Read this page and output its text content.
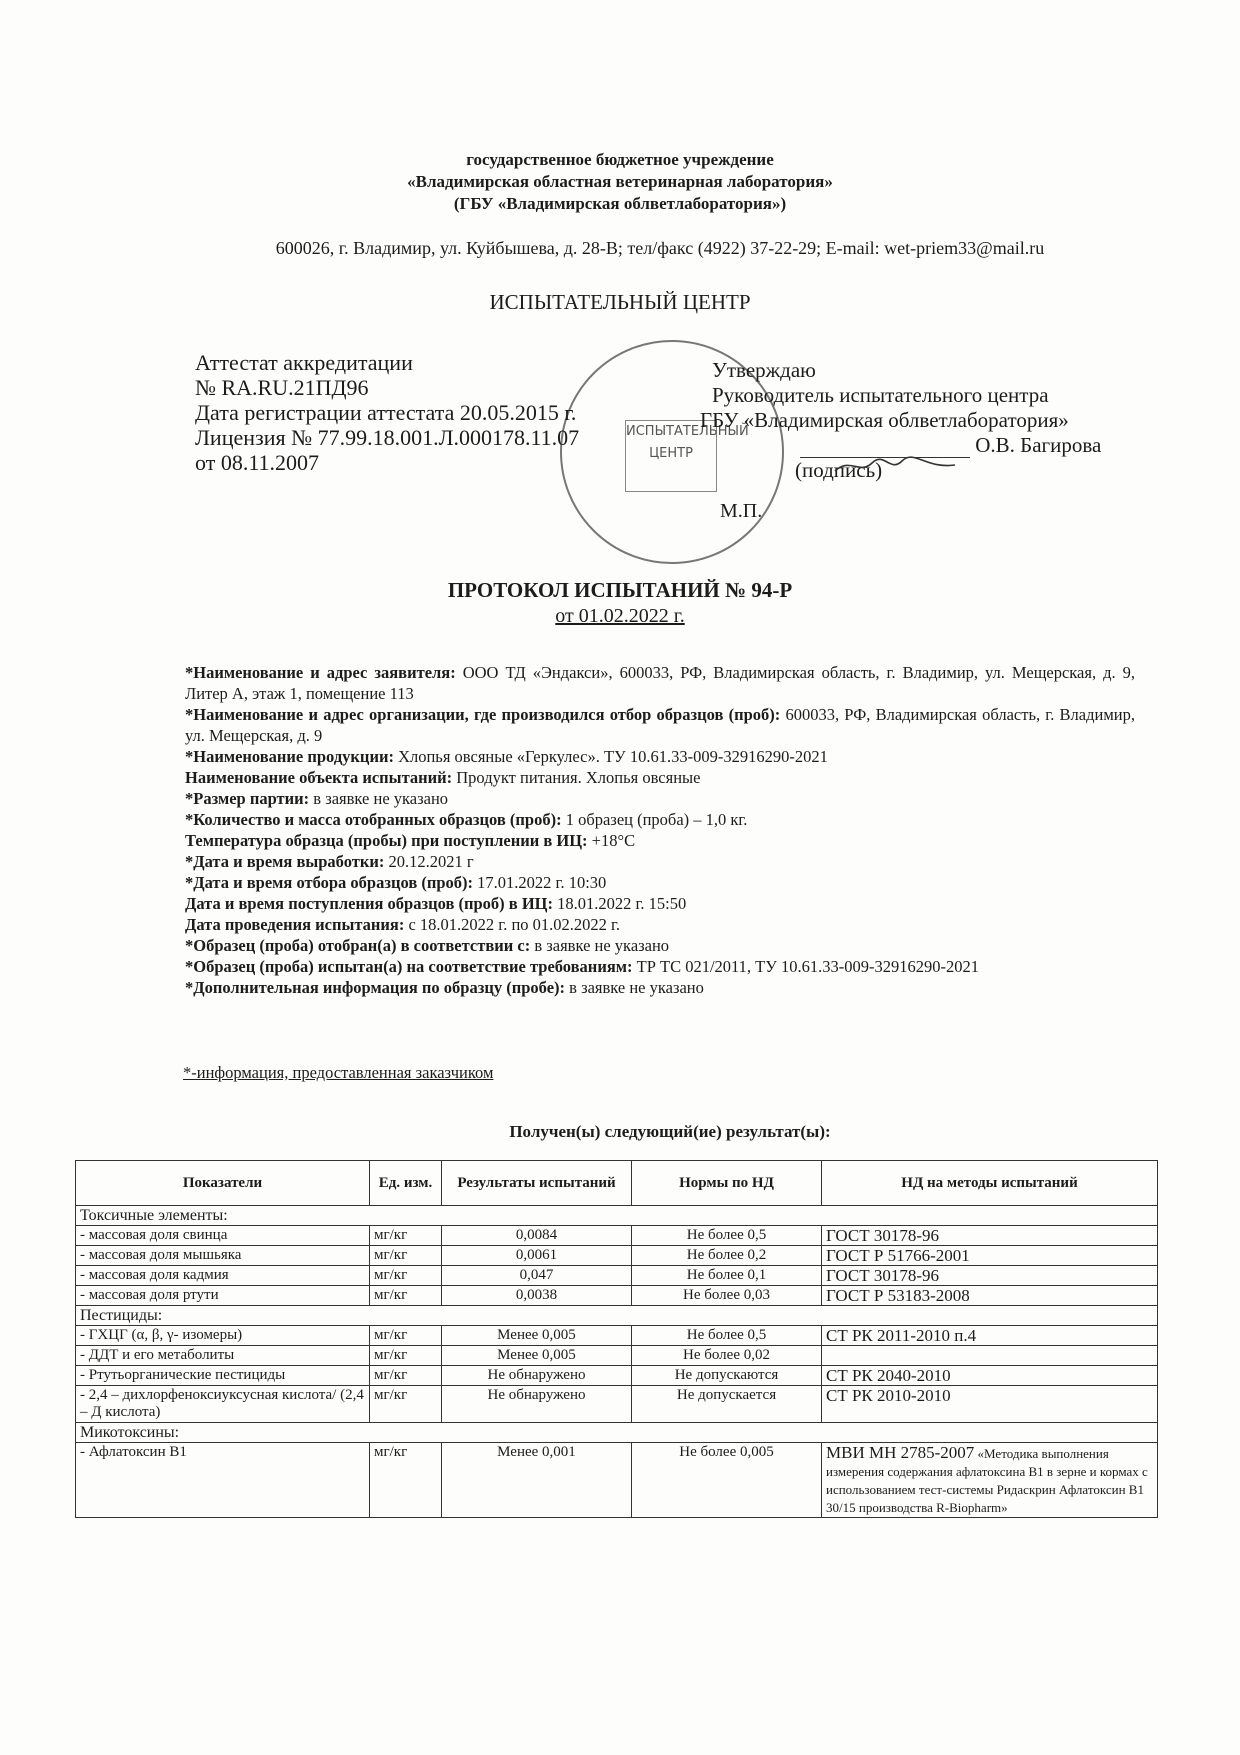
государственное бюджетное учреждение
«Владимирская областная ветеринарная лаборатория»
(ГБУ «Владимирская облветлаборатория»)
600026, г. Владимир, ул. Куйбышева, д. 28-В; тел/факс (4922) 37-22-29; E-mail: wet-priem33@mail.ru
ИСПЫТАТЕЛЬНЫЙ ЦЕНТР
ИСПЫТАТЕЛЬНЫЙ ЦЕНТР
Аттестат аккредитации
№ RA.RU.21ПД96
Дата регистрации аттестата 20.05.2015 г.
Лицензия № 77.99.18.001.Л.000178.11.07
от 08.11.2007
Утверждаю
Руководитель испытательного центра
ГБУ «Владимирская облветлаборатория»
О.В. Багирова
(подпись)
М.П.
ПРОТОКОЛ ИСПЫТАНИЙ № 94-Р
от 01.02.2022 г.

*Наименование и адрес заявителя: ООО ТД «Эндакси», 600033, РФ, Владимирская область, г. Владимир, ул. Мещерская, д. 9, Литер А, этаж 1, помещение 113

*Наименование и адрес организации, где производился отбор образцов (проб): 600033, РФ, Владимирская область, г. Владимир, ул. Мещерская, д. 9

*Наименование продукции: Хлопья овсяные «Геркулес». ТУ 10.61.33-009-32916290-2021

Наименование объекта испытаний: Продукт питания. Хлопья овсяные

*Размер партии: в заявке не указано

*Количество и масса отобранных образцов (проб): 1 образец (проба) – 1,0 кг.

Температура образца (пробы) при поступлении в ИЦ: +18°С

*Дата и время выработки: 20.12.2021 г

*Дата и время отбора образцов (проб): 17.01.2022 г. 10:30

Дата и время поступления образцов (проб) в ИЦ: 18.01.2022 г. 15:50

Дата проведения испытания: с 18.01.2022 г. по 01.02.2022 г.

*Образец (проба) отобран(а) в соответствии с: в заявке не указано

*Образец (проба) испытан(а) на соответствие требованиям: ТР ТС 021/2011, ТУ 10.61.33-009-32916290-2021

*Дополнительная информация по образцу (пробе): в заявке не указано

*-информация, предоставленная заказчиком
Получен(ы) следующий(ие) результат(ы):
Показатели	Ед. изм.	Результаты испытаний	Нормы по НД	НД на методы испытаний
Токсичные элементы:				
- массовая доля свинца	мг/кг	0,0084	Не более 0,5	ГОСТ 30178-96
- массовая доля мышьяка	мг/кг	0,0061	Не более 0,2	ГОСТ Р 51766-2001
- массовая доля кадмия	мг/кг	0,047	Не более 0,1	ГОСТ 30178-96
- массовая доля ртути	мг/кг	0,0038	Не более 0,03	ГОСТ Р 53183-2008
Пестициды:				
- ГХЦГ (α, β, γ- изомеры)	мг/кг	Менее 0,005	Не более 0,5	СТ РК 2011-2010 п.4
- ДДТ и его метаболиты	мг/кг	Менее 0,005	Не более 0,02	
- Ртутьорганические пестициды	мг/кг	Не обнаружено	Не допускаются	СТ РК 2040-2010
- 2,4 – дихлорфеноксиуксусная кислота/ (2,4 – Д кислота)	мг/кг	Не обнаружено	Не допускается	СТ РК 2010-2010
Микотоксины:				
- Афлатоксин В1	мг/кг	Менее 0,001	Не более 0,005	МВИ МН 2785-2007 «Методика выполнения измерения содержания афлатоксина В1 в зерне и кормах с использованием тест-системы Ридаскрин Афлатоксин В1 30/15 производства R-Biopharm»
